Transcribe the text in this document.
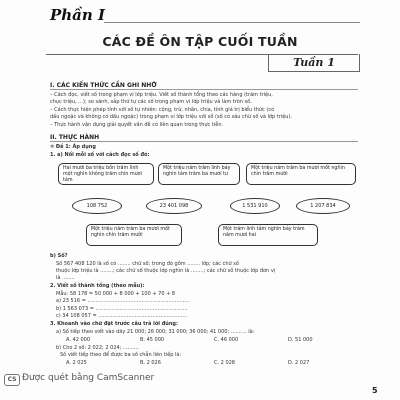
Phần I
CÁC ĐỀ ÔN TẬP CUỐI TUẦN
Tuần 1
I. CÁC KIẾN THỨC CẦN GHI NHỚ
– Cách đọc, viết số trong phạm vi lớp triệu. Viết số thành tổng theo các hàng (trăm triệu,
chục triệu, ...); so sánh, sắp thứ tự các số trong phạm vi lớp triệu và làm tròn số.
– Cách thực hiện phép tính với số tự nhiên: cộng, trừ, nhân, chia, tính giá trị biểu thức (có
dấu ngoặc và không có dấu ngoặc) trong phạm vi lớp triệu với số (số có sáu chữ số và lớp triệu).
– Thực hành vận dụng giải quyết vấn đề có liên quan trong thực tiễn.
II. THỰC HÀNH
✲ Đề 1: Áp dụng
1. a) Nối mỗi số với cách đọc số đó:
Hai mươi ba triệu bốn trăm linh một nghìn không trăm chín mươi tám
Một triệu năm trăm linh bảy nghìn tám trăm ba mươi tư
Một triệu năm trăm ba mươi mốt nghìn chín trăm mười
108 752	23 401 098	1 531 910	1 207 834
Một triệu năm trăm ba mươi mốt nghìn chín trăm mười
Một trăm linh tám nghìn bảy trăm năm mươi hai
b) Số?
Số 567 408 120 là số có ........ chữ số; trong đó gồm ........ lớp; các chữ số
thuộc lớp triệu là ........; các chữ số thuộc lớp nghìn là ........; các chữ số thuộc lớp đơn vị
là ........
2. Viết số thành tổng (theo mẫu):
Mẫu: 58 178 = 50 000 + 8 000 + 100 + 70 + 8
a) 23 516 = ................................................................
b) 1 563 073 = ..........................................................
c) 34 108 057 = ........................................................
3. Khoanh vào chữ đặt trước câu trả lời đúng:
a) Số tiếp theo viết vào dãy 21 000; 26 000; 31 000; 36 000; 41 000; .......... là:
A. 42 000	B. 45 000	C. 46 000	D. 51 000
b) Cho 2 số: 2 022; 2 024; ..........
Số viết tiếp theo để được ba số chẵn liên tiếp là:
A. 2 025	B. 2 026	C. 2 028	D. 2 027
CS Được quét bằng CamScanner
5
